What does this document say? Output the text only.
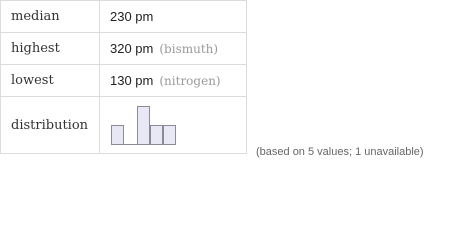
median	230 pm
highest	320 pm (bismuth)
lowest	130 pm (nitrogen)
distribution	
(based on 5 values; 1 unavailable)
